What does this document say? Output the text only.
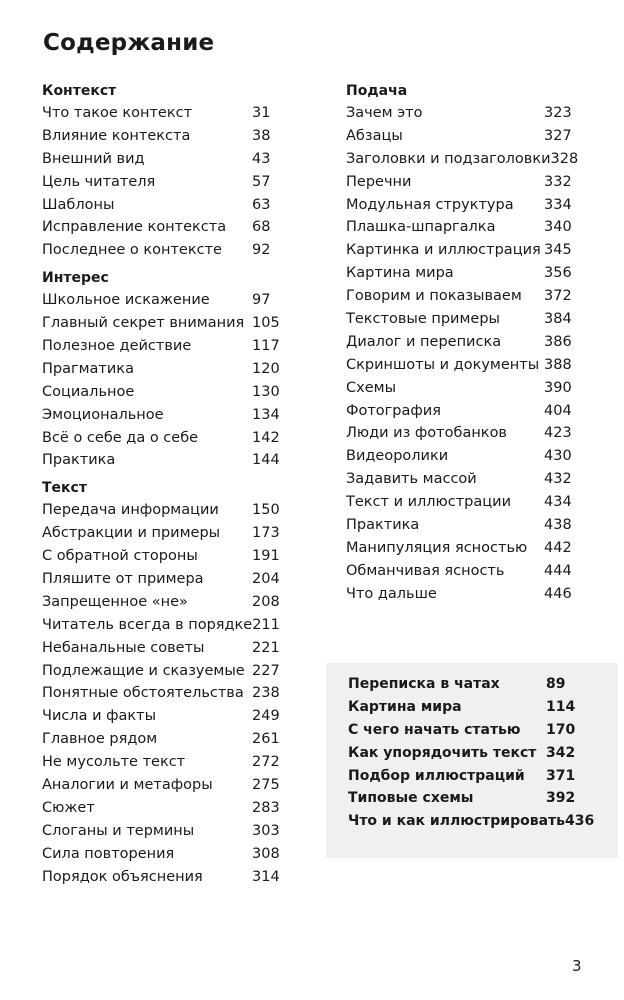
Содержание
Контекст
Что такое контекст	31
Влияние контекста	38
Внешний вид	43
Цель читателя	57
Шаблоны	63
Исправление контекста 68
Последнее о контексте 92
Интерес
Школьное искажение	97
Главный секрет внимания 105
Полезное действие	117
Прагматика	120
Социальное	130
Эмоциональное	134
Всё о себе да о себе	142
Практика	144
Текст
Передача информации 150
Абстракции и примеры 173
С обратной стороны	191
Пляшите от примера	204
Запрещенное «не»	208
Читатель всегда в порядке 211
Небанальные советы	221
Подлежащие и сказуемые 227
Понятные обстоятельства 238
Числа и факты	249
Главное рядом	261
Не мусольте текст	272
Аналогии и метафоры	275
Сюжет	283
Слоганы и термины	303
Сила повторения	308
Порядок объяснения	314
Подача
Зачем это	323
Абзацы	327
Заголовки и подзаголовки 328
Перечни	332
Модульная структура 334
Плашка-шпаргалка	340
Картинка и иллюстрация 345
Картина мира	356
Говорим и показываем 372
Текстовые примеры	384
Диалог и переписка	386
Скриншоты и документы 388
Схемы	390
Фотография	404
Люди из фотобанков	423
Видеоролики	430
Задавить массой	432
Текст и иллюстрации 434
Практика	438
Манипуляция ясностью 442
Обманчивая ясность	444
Что дальше	446
Переписка в чатах	89
Картина мира	114
С чего начать статью 170
Как упорядочить текст 342
Подбор иллюстраций 371
Типовые схемы	392
Что и как иллюстрировать 436
3
